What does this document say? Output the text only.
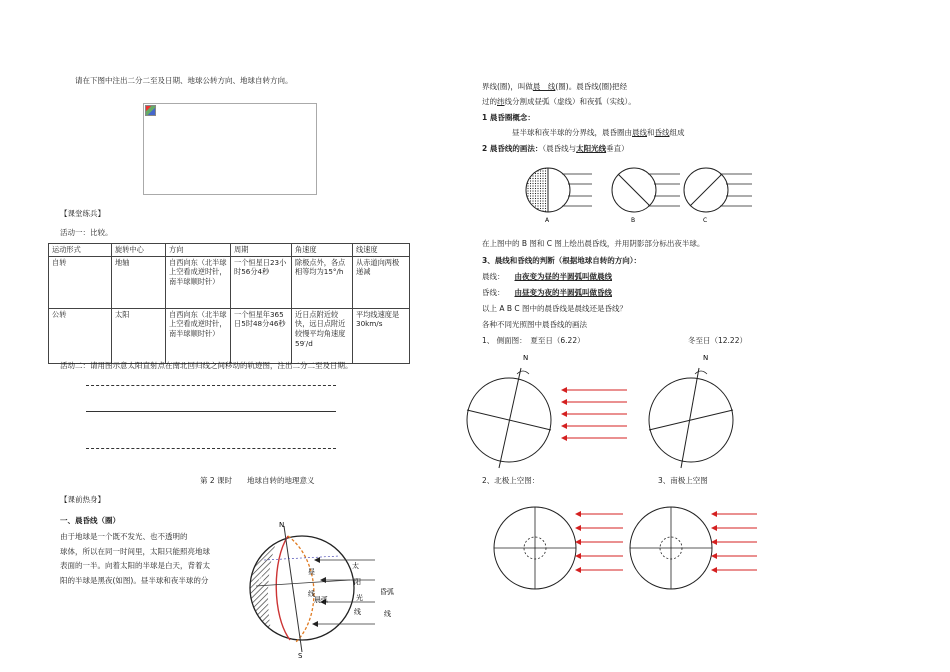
请在下图中注出二分二至及日期、地球公转方向、地球自转方向。
【课堂练兵】
活动一：比较。
运动形式	旋转中心	方向	周期	角速度	线速度
自转	地轴	自西向东（北半球上空看成逆时针，南半球顺时针）	一个恒星日23小时56分4秒	除极点外，各点相等均为15°/h	从赤道向两极递减
公转	太阳	自西向东（北半球上空看成逆时针，南半球顺时针）	一个恒星年365日5时48分46秒	近日点附近较快，远日点附近较慢平均角速度59′/d	平均线速度是30km/s
活动二：请用图示意太阳直射点在南北回归线之间移动的轨迹图，注出二分二至及日期。
第 2 课时　　地球自转的地理意义
【课前热身】
一、晨昏线（圈）
由于地球是一个既不发光、也不透明的
球体，所以在同一时间里，太阳只能照亮地球
表面的一半。向着太阳的半球是白天，背着太
阳的半球是黑夜(如图)。昼半球和夜半球的分
N
S
夜
昼
太
阳
光
昏弧
晨弧
线
线	线
界线(圈)，叫做晨　线(圈)。晨昏线(圈)把经
过的纬线分割成昼弧（虚线）和夜弧（实线）。
1 晨昏圈概念：
昼半球和夜半球的分界线，晨昏圈由晨线和昏线组成
2 晨昏线的画法：（晨昏线与太阳光线垂直）
A	B	C
在上图中的 B 图和 C 图上绘出晨昏线，并用阴影部分标出夜半球。
3、晨线和昏线的判断（根据地球自转的方向）：
晨线： 由夜变为昼的半圆弧叫做晨线
昏线： 由昼变为夜的半圆弧叫做昏线
以上 A B C 图中的晨昏线是晨线还是昏线？
各种不同光照图中晨昏线的画法
1、 侧面图：　夏至日（6.22）	冬至日（12.22）
N	N
2、北极上空图：	3、南极上空图
